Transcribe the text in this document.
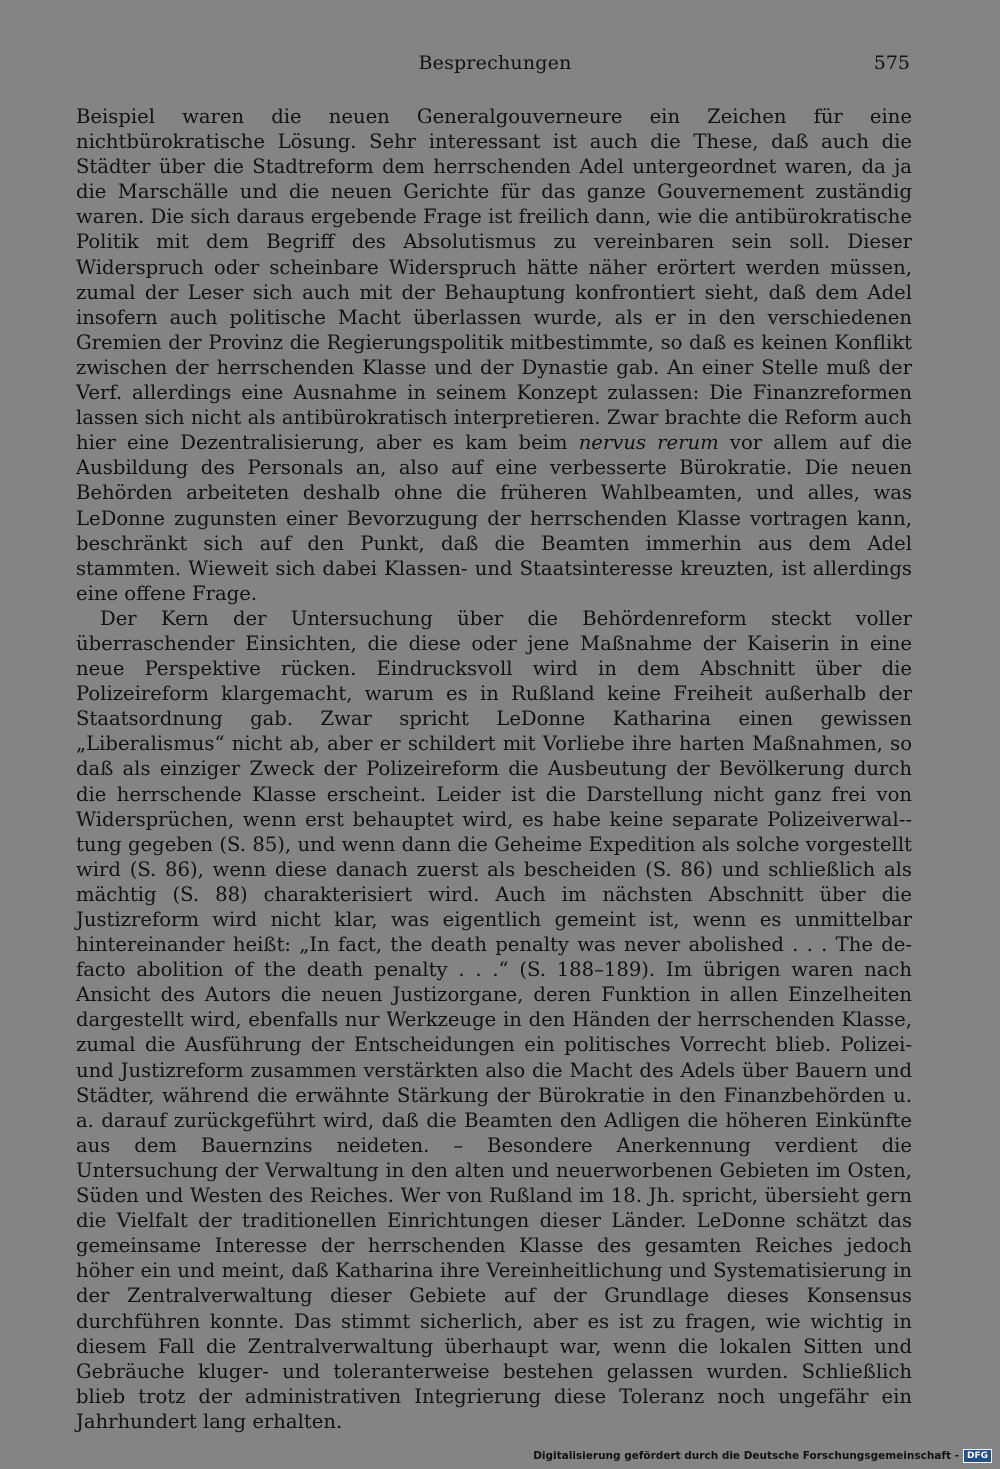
Besprechungen	575

Beispiel waren die neuen Generalgouverneure ein Zeichen für eine nichtbürokratische Lösung. Sehr interessant ist auch die These, daß auch die Städter über die Stadtreform dem herrschenden Adel untergeordnet waren, da ja die Marschälle und die neuen Gerichte für das ganze Gouvernement zuständig waren. Die sich daraus ergebende Frage ist freilich dann, wie die antibürokratische Politik mit dem Begriff des Absolutismus zu vereinbaren sein soll. Dieser Widerspruch oder scheinbare Widerspruch hätte näher erörtert werden müssen, zumal der Leser sich auch mit der Behauptung konfrontiert sieht, daß dem Adel insofern auch politische Macht überlassen wurde, als er in den verschiedenen Gremien der Provinz die Regierungspolitik mitbestimmte, so daß es keinen Konflikt zwischen der herrschenden Klasse und der Dynastie gab. An einer Stelle muß der Verf. allerdings eine Ausnahme in seinem Konzept zulassen: Die Finanzreformen lassen sich nicht als antibürokratisch interpretieren. Zwar brachte die Reform auch hier eine Dezentralisierung, aber es kam beim nervus rerum vor allem auf die Ausbildung des Personals an, also auf eine verbesserte Bürokratie. Die neuen Behörden arbeiteten deshalb ohne die früheren Wahlbeamten, und alles, was LeDonne zugunsten einer Bevorzugung der herrschenden Klasse vortragen kann, beschränkt sich auf den Punkt, daß die Beamten immerhin aus dem Adel stammten. Wieweit sich dabei Klassen- und Staatsinteresse kreuzten, ist allerdings eine offene Frage.

Der Kern der Untersuchung über die Behördenreform steckt voller überraschender Einsichten, die diese oder jene Maßnahme der Kaiserin in eine neue Perspektive rücken. Eindrucksvoll wird in dem Abschnitt über die Polizeireform klargemacht, warum es in Rußland keine Freiheit außerhalb der Staatsordnung gab. Zwar spricht LeDonne Katharina einen gewissen „Liberalismus“ nicht ab, aber er schildert mit Vorliebe ihre harten Maßnahmen, so daß als einziger Zweck der Polizeireform die Ausbeutung der Bevölkerung durch die herrschende Klasse erscheint. Leider ist die Darstellung nicht ganz frei von Widersprüchen, wenn erst behauptet wird, es habe keine separate Polizeiverwal-tung gegeben (S. 85), und wenn dann die Geheime Expedition als solche vorgestellt wird (S. 86), wenn diese danach zuerst als bescheiden (S. 86) und schließlich als mächtig (S. 88) charakterisiert wird. Auch im nächsten Abschnitt über die Justizreform wird nicht klar, was eigentlich gemeint ist, wenn es unmittelbar hintereinander heißt: „In fact, the death penalty was never abolished . . . The de-facto abolition of the death penalty . . .“ (S. 188–189). Im übrigen waren nach Ansicht des Autors die neuen Justizorgane, deren Funktion in allen Einzelheiten dargestellt wird, ebenfalls nur Werkzeuge in den Händen der herrschenden Klasse, zumal die Ausführung der Entscheidungen ein politisches Vorrecht blieb. Polizei- und Justizreform zusammen verstärkten also die Macht des Adels über Bauern und Städter, während die erwähnte Stärkung der Bürokratie in den Finanzbehörden u. a. darauf zurückgeführt wird, daß die Beamten den Adligen die höheren Einkünfte aus dem Bauernzins neideten. – Besondere Anerkennung verdient die Untersuchung der Verwaltung in den alten und neuerworbenen Gebieten im Osten, Süden und Westen des Reiches. Wer von Rußland im 18. Jh. spricht, übersieht gern die Vielfalt der traditionellen Einrichtungen dieser Länder. LeDonne schätzt das gemeinsame Interesse der herrschenden Klasse des gesamten Reiches jedoch höher ein und meint, daß Katharina ihre Vereinheitlichung und Systematisierung in der Zentralverwaltung dieser Gebiete auf der Grundlage dieses Konsensus durchführen konnte. Das stimmt sicherlich, aber es ist zu fragen, wie wichtig in diesem Fall die Zentralverwaltung überhaupt war, wenn die lokalen Sitten und Gebräuche kluger- und toleranterweise bestehen gelassen wurden. Schließlich blieb trotz der administrativen Integrierung diese Toleranz noch ungefähr ein Jahrhundert lang erhalten.

Digitalisierung gefördert durch die Deutsche Forschungsgemeinschaft - DFG
